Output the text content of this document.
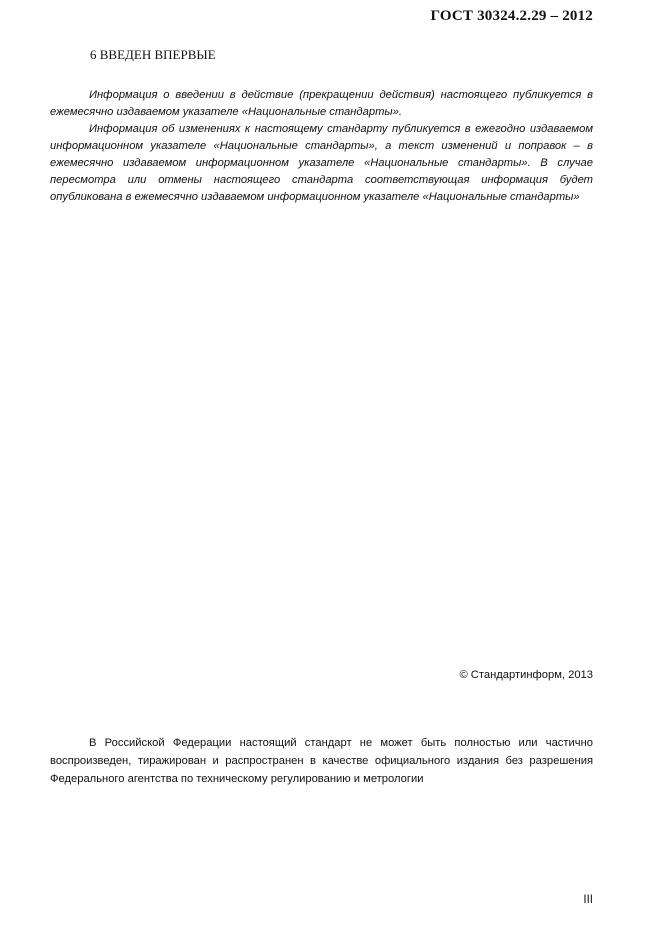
ГОСТ 30324.2.29 – 2012
6 ВВЕДЕН ВПЕРВЫЕ

Информация о введении в действие (прекращении действия) настоящего публикуется в ежемесячно издаваемом указателе «Национальные стандарты».

Информация об изменениях к настоящему стандарту публикуется в ежегодно издаваемом информационном указателе «Национальные стандарты», а текст изменений и поправок – в ежемесячно издаваемом информационном указателе «Национальные стандарты». В случае пересмотра или отмены настоящего стандарта соответствующая информация будет опубликована в ежемесячно издаваемом информационном указателе «Национальные стандарты»

© Стандартинформ, 2013

В Российской Федерации настоящий стандарт не может быть полностью или частично воспроизведен, тиражирован и распространен в качестве официального издания без разрешения Федерального агентства по техническому регулированию и метрологии

III
